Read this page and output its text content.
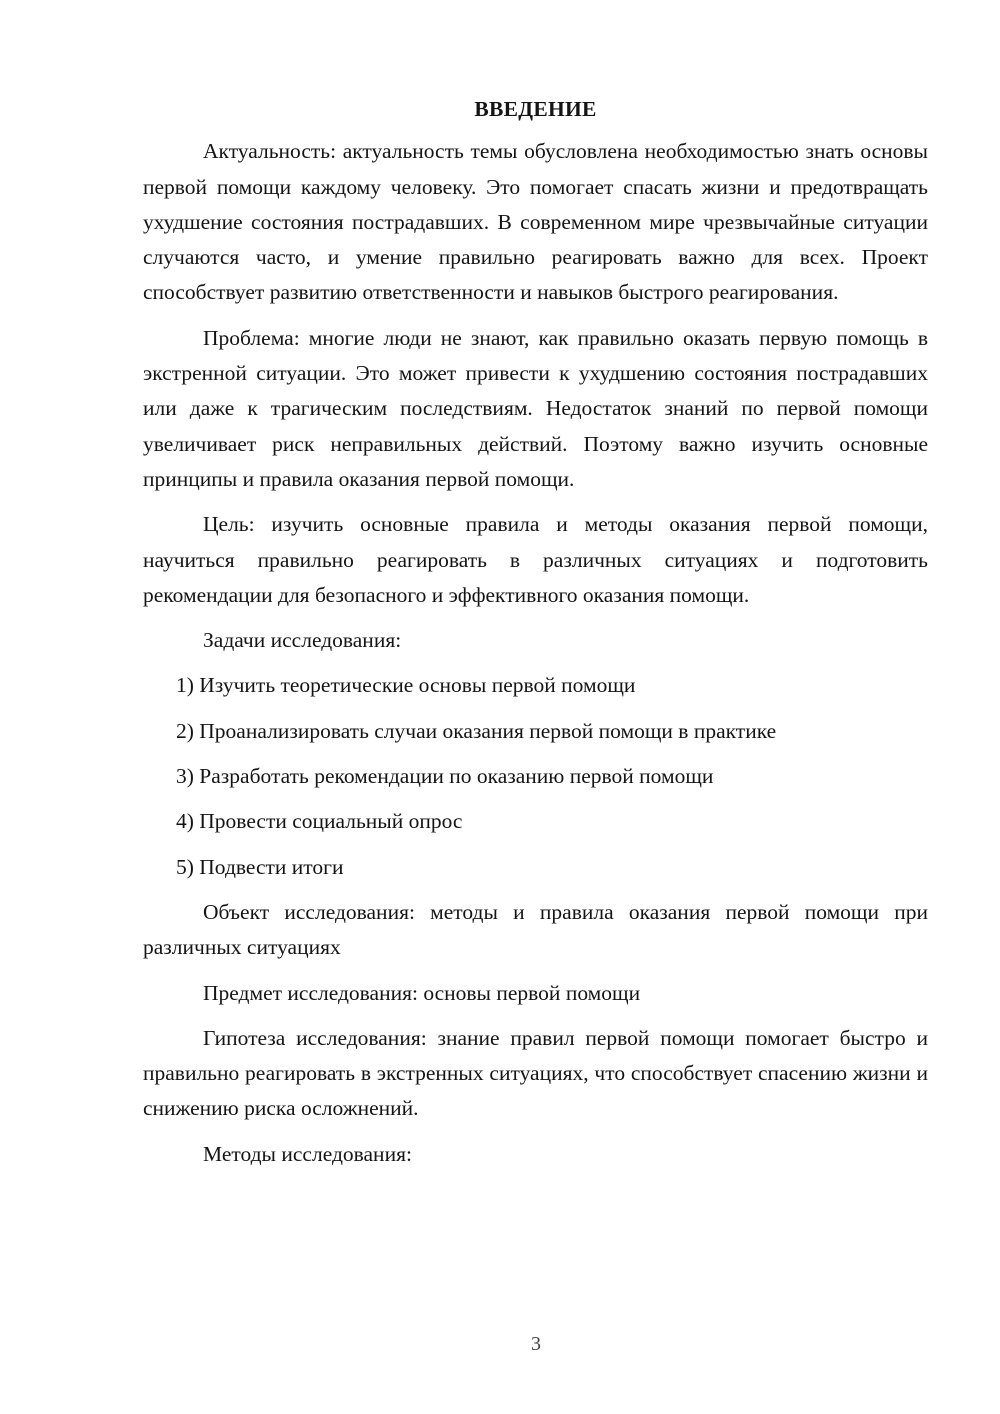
ВВЕДЕНИЕ

Актуальность: актуальность темы обусловлена необходимостью знать основы первой помощи каждому человеку. Это помогает спасать жизни и предотвращать ухудшение состояния пострадавших. В современном мире чрезвычайные ситуации случаются часто, и умение правильно реагировать важно для всех. Проект способствует развитию ответственности и навыков быстрого реагирования.

Проблема: многие люди не знают, как правильно оказать первую помощь в экстренной ситуации. Это может привести к ухудшению состояния пострадавших или даже к трагическим последствиям. Недостаток знаний по первой помощи увеличивает риск неправильных действий. Поэтому важно изучить основные принципы и правила оказания первой помощи.

Цель: изучить основные правила и методы оказания первой помощи, научиться правильно реагировать в различных ситуациях и подготовить рекомендации для безопасного и эффективного оказания помощи.

Задачи исследования:

1) Изучить теоретические основы первой помощи

2) Проанализировать случаи оказания первой помощи в практике

3) Разработать рекомендации по оказанию первой помощи

4) Провести социальный опрос

5) Подвести итоги

Объект исследования: методы и правила оказания первой помощи при различных ситуациях

Предмет исследования: основы первой помощи

Гипотеза исследования: знание правил первой помощи помогает быстро и правильно реагировать в экстренных ситуациях, что способствует спасению жизни и снижению риска осложнений.

Методы исследования:

3
